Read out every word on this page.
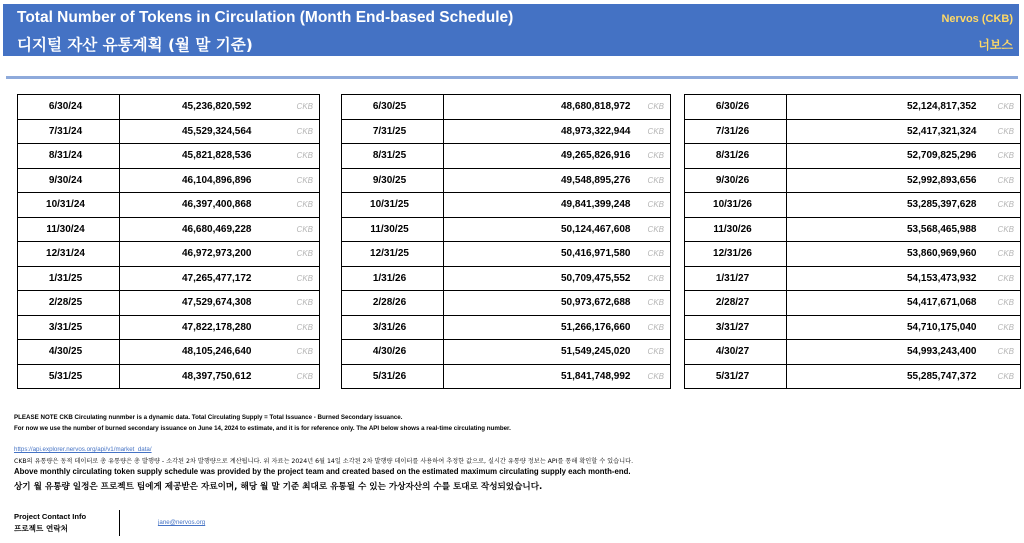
Total Number of Tokens in Circulation (Month End-based Schedule)
디지털 자산 유통계획 (월 말 기준)
Nervos (CKB)
너보스
6/30/24	45,236,820,592	CKB
7/31/24	45,529,324,564	CKB
8/31/24	45,821,828,536	CKB
9/30/24	46,104,896,896	CKB
10/31/24	46,397,400,868	CKB
11/30/24	46,680,469,228	CKB
12/31/24	46,972,973,200	CKB
1/31/25	47,265,477,172	CKB
2/28/25	47,529,674,308	CKB
3/31/25	47,822,178,280	CKB
4/30/25	48,105,246,640	CKB
5/31/25	48,397,750,612	CKB
6/30/25	48,680,818,972	CKB
7/31/25	48,973,322,944	CKB
8/31/25	49,265,826,916	CKB
9/30/25	49,548,895,276	CKB
10/31/25	49,841,399,248	CKB
11/30/25	50,124,467,608	CKB
12/31/25	50,416,971,580	CKB
1/31/26	50,709,475,552	CKB
2/28/26	50,973,672,688	CKB
3/31/26	51,266,176,660	CKB
4/30/26	51,549,245,020	CKB
5/31/26	51,841,748,992	CKB
6/30/26	52,124,817,352	CKB
7/31/26	52,417,321,324	CKB
8/31/26	52,709,825,296	CKB
9/30/26	52,992,893,656	CKB
10/31/26	53,285,397,628	CKB
11/30/26	53,568,465,988	CKB
12/31/26	53,860,969,960	CKB
1/31/27	54,153,473,932	CKB
2/28/27	54,417,671,068	CKB
3/31/27	54,710,175,040	CKB
4/30/27	54,993,243,400	CKB
5/31/27	55,285,747,372	CKB
PLEASE NOTE CKB Circulating nunmber is a dynamic data. Total Circulating Supply = Total Issuance - Burned Secondary issuance.
For now we use the number of burned secondary issuance on June 14, 2024 to estimate, and it is for reference only. The API below shows a real-time circulating number.
https://api.explorer.nervos.org/api/v1/market_data/
CKB의 유통량은 동적 데이터로 총 유통량은 총 발행량 - 소각된 2차 발행량으로 계산됩니다. 위 자료는 2024년 6월 14일 소각된 2차 발행량 데이터를 사용하여 추정한 값으로, 실시간 유통량 정보는 API를 통해 확인할 수 있습니다.
Above monthly circulating token supply schedule was provided by the project team and created based on the estimated maximum circulating supply each month-end.
상기 월 유통량 일정은 프로젝트 팀에게 제공받은 자료이며, 해당 월 말 기준 최대로 유통될 수 있는 가상자산의 수를 토대로 작성되었습니다.
Project Contact Info
프로젝트 연락처
jane@nervos.org
